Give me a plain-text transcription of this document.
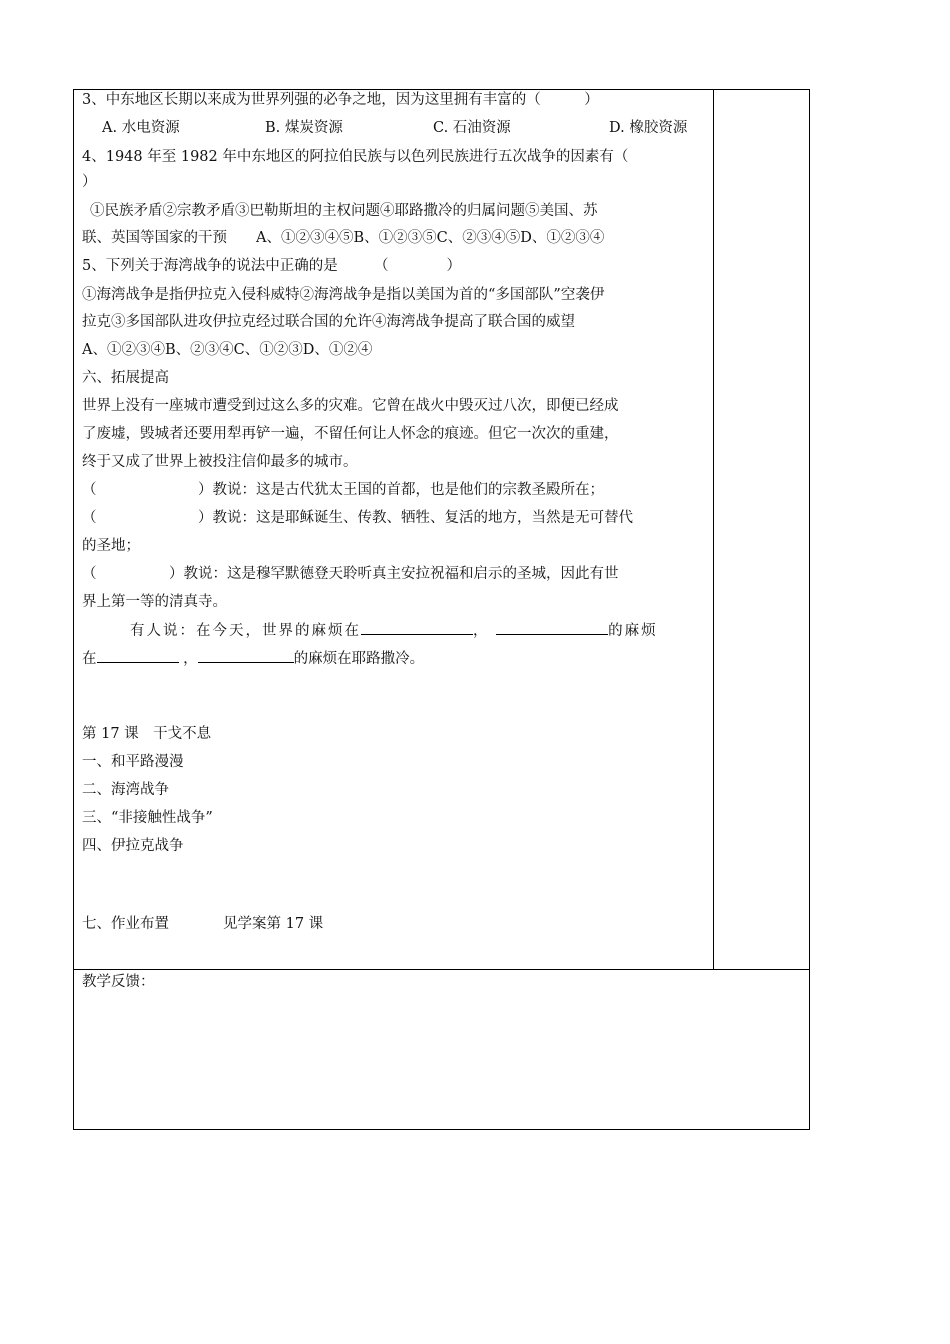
3、中东地区长期以来成为世界列强的必争之地，因为这里拥有丰富的（　　　）
A. 水电资源	B. 煤炭资源	C. 石油资源	D. 橡胶资源
4、1948 年至 1982 年中东地区的阿拉伯民族与以色列民族进行五次战争的因素有（
）
①民族矛盾②宗教矛盾③巴勒斯坦的主权问题④耶路撒冷的归属问题⑤美国、苏
联、英国等国家的干预　　A、①②③④⑤B、①②③⑤C、②③④⑤D、①②③④
5、下列关于海湾战争的说法中正确的是　　　（　　　　）
①海湾战争是指伊拉克入侵科威特②海湾战争是指以美国为首的“多国部队”空袭伊
拉克③多国部队进攻伊拉克经过联合国的允许④海湾战争提高了联合国的威望
A、①②③④B、②③④C、①②③D、①②④
六、拓展提高
世界上没有一座城市遭受到过这么多的灾难。它曾在战火中毁灭过八次，即便已经成
了废墟，毁城者还要用犁再铲一遍，不留任何让人怀念的痕迹。但它一次次的重建，
终于又成了世界上被投注信仰最多的城市。
（　　　　　　　）教说：这是古代犹太王国的首都，也是他们的宗教圣殿所在；
（　　　　　　　）教说：这是耶稣诞生、传教、牺牲、复活的地方，当然是无可替代
的圣地；
（　　　　　）教说：这是穆罕默德登天聆听真主安拉祝福和启示的圣城，因此有世
界上第一等的清真寺。
有人说：在今天，世界的麻烦在	，	的麻烦
在	，	的麻烦在耶路撒冷。
第 17 课　干戈不息
一、和平路漫漫
二、海湾战争
三、“非接触性战争”
四、伊拉克战争
七、作业布置	见学案第 17 课
教学反馈：
